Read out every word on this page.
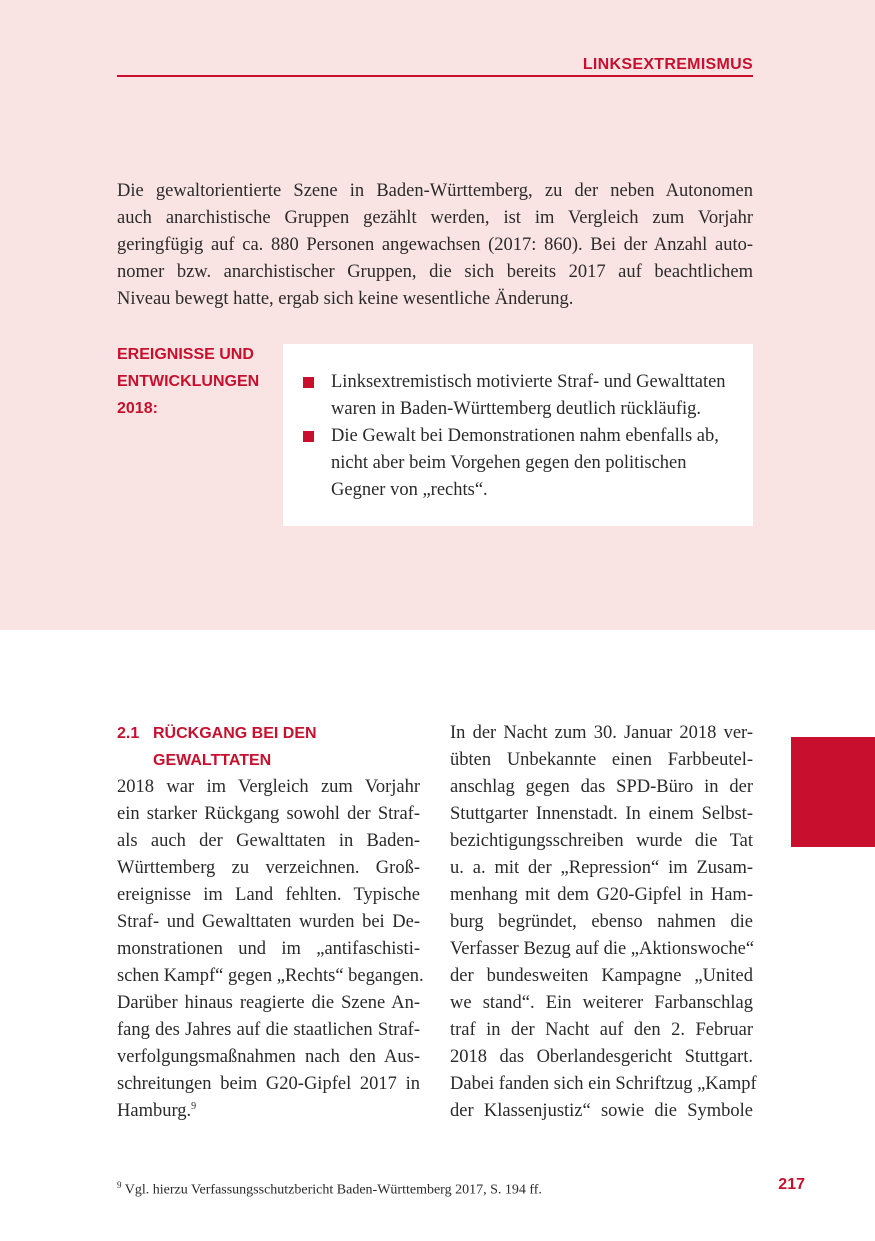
LINKSEXTREMISMUS
Die gewaltorientierte Szene in Baden-Württemberg, zu der neben Autonomen
auch anarchistische Gruppen gezählt werden, ist im Vergleich zum Vorjahr
geringfügig auf ca. 880 Personen angewachsen (2017: 860). Bei der Anzahl auto-
nomer bzw. anarchistischer Gruppen, die sich bereits 2017 auf beachtlichem
Niveau bewegt hatte, ergab sich keine wesentliche Änderung.
EREIGNISSE UND
ENTWICKLUNGEN
2018:
Linksextremistisch motivierte Straf- und Gewalttaten
waren in Baden-Württemberg deutlich rückläufig.
Die Gewalt bei Demonstrationen nahm ebenfalls ab,
nicht aber beim Vorgehen gegen den politischen
Gegner von „rechts“.
2.1 RÜCKGANG BEI DEN
GEWALTTATEN
2018 war im Vergleich zum Vorjahr
ein starker Rückgang sowohl der Straf-
als auch der Gewalttaten in Baden-
Württemberg zu verzeichnen. Groß-
ereignisse im Land fehlten. Typische
Straf- und Gewalttaten wurden bei De-
monstrationen und im „antifaschisti-
schen Kampf“ gegen „Rechts“ begangen.
Darüber hinaus reagierte die Szene An-
fang des Jahres auf die staatlichen Straf-
verfolgungsmaßnahmen nach den Aus-
schreitungen beim G20-Gipfel 2017 in
Hamburg.$^9$
In der Nacht zum 30. Januar 2018 ver-
übten Unbekannte einen Farbbeutel-
anschlag gegen das SPD-Büro in der
Stuttgarter Innenstadt. In einem Selbst-
bezichtigungsschreiben wurde die Tat
u. a. mit der „Repression“ im Zusam-
menhang mit dem G20-Gipfel in Ham-
burg begründet, ebenso nahmen die
Verfasser Bezug auf die „Aktionswoche“
der bundesweiten Kampagne „United
we stand“. Ein weiterer Farbanschlag
traf in der Nacht auf den 2. Februar
2018 das Oberlandesgericht Stuttgart.
Dabei fanden sich ein Schriftzug „Kampf
der Klassenjustiz“ sowie die Symbole
$^9$ Vgl. hierzu Verfassungsschutzbericht Baden-Württemberg 2017, S. 194 ff.	217
